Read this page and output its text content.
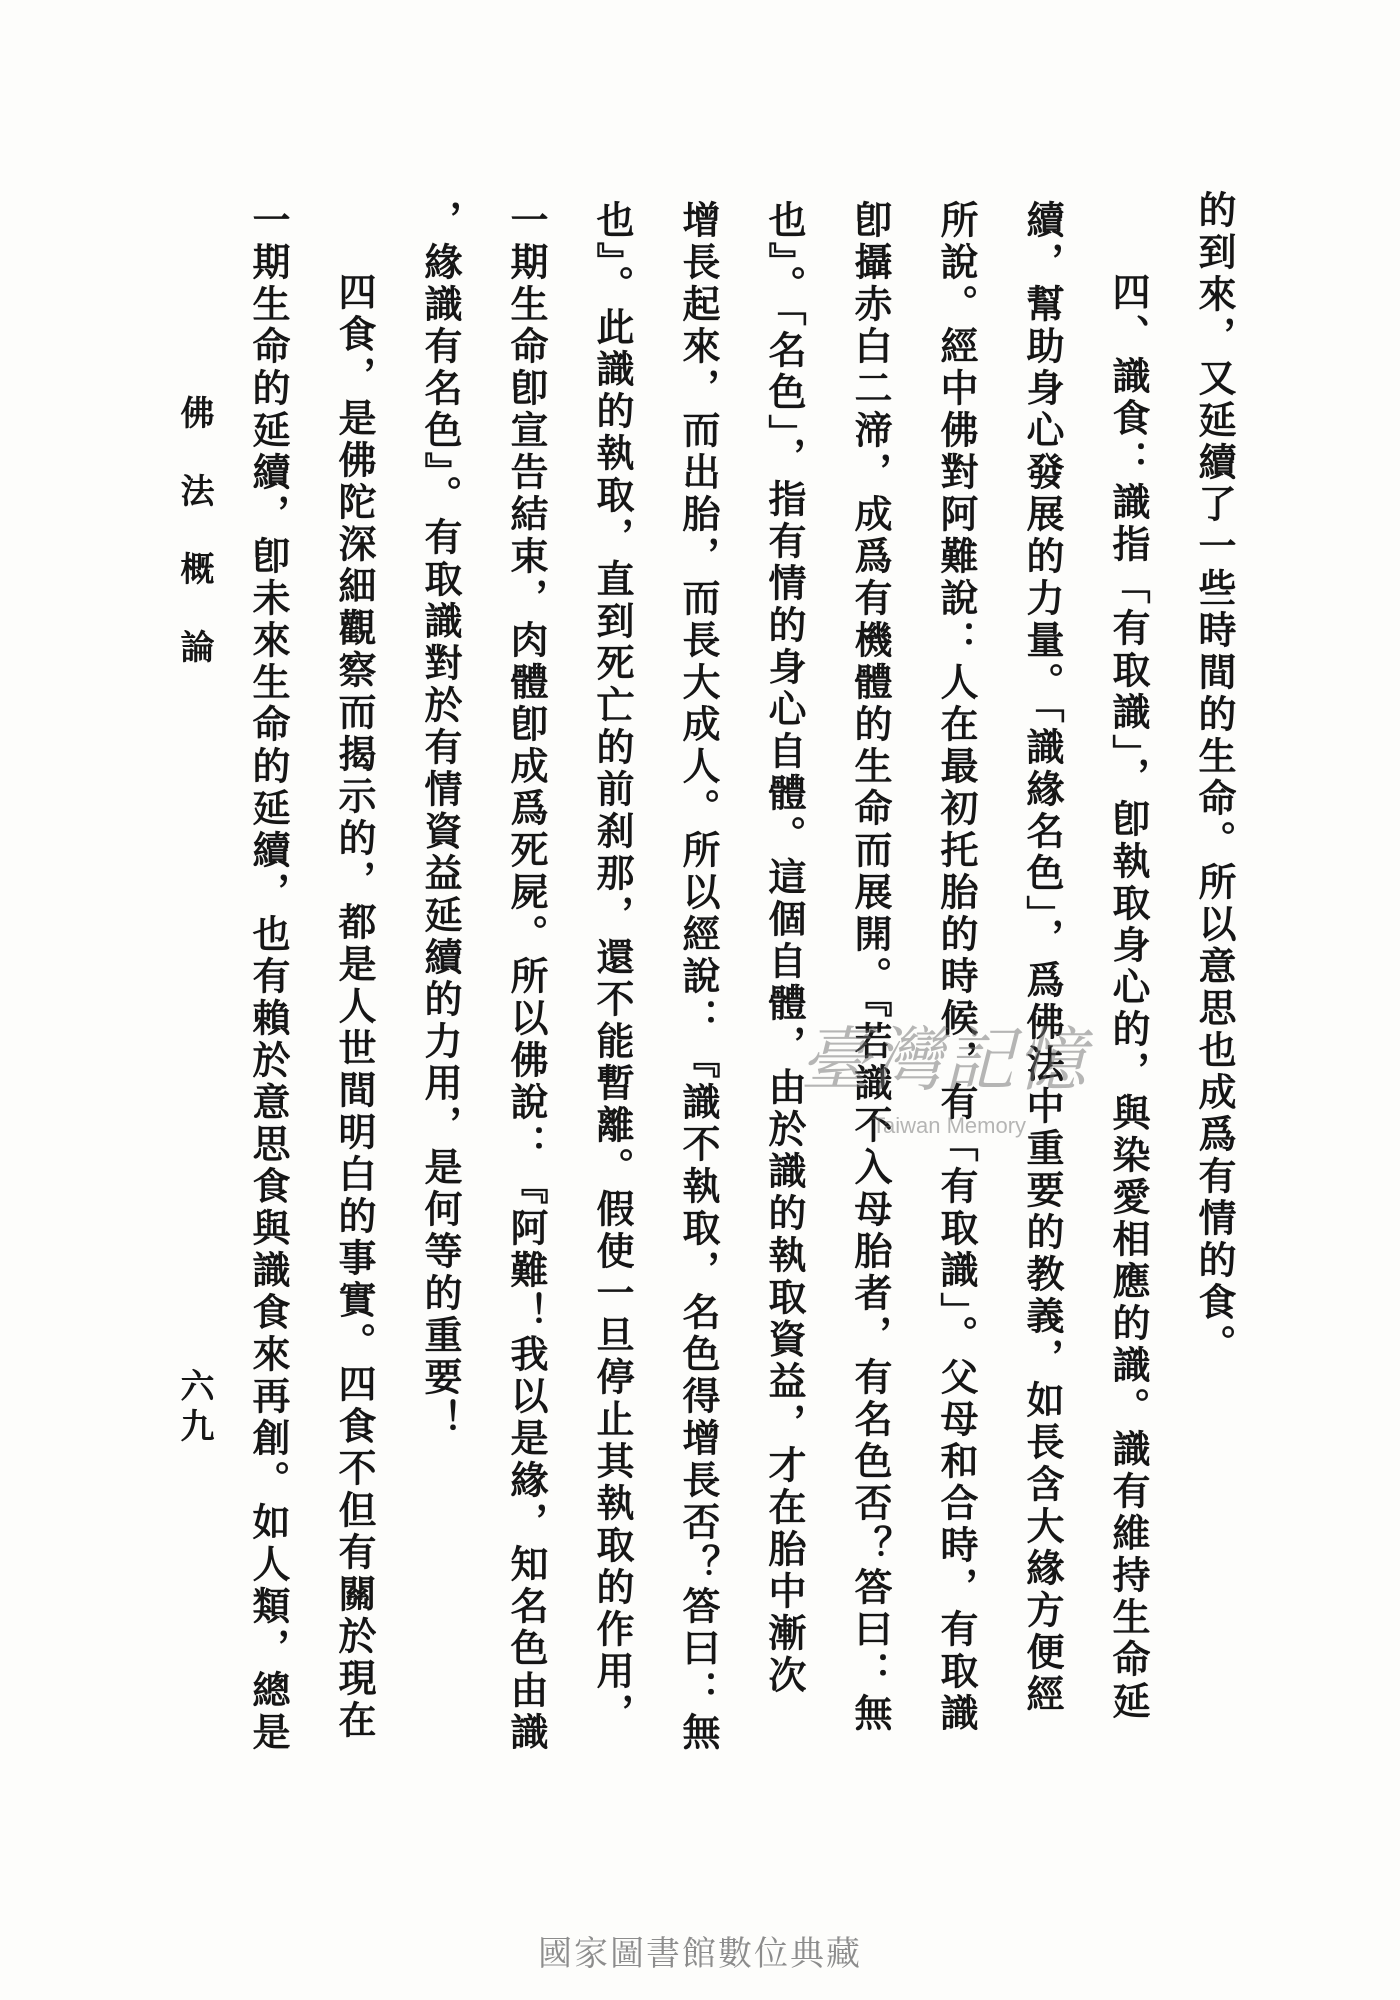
的到來，又延續了一些時間的生命。所以意思也成爲有情的食。
四、識食：識指「有取識」，卽執取身心的，與染愛相應的識。識有維持生命延
續，幫助身心發展的力量。「識緣名色」，爲佛法中重要的教義，如長含大緣方便經
所說。經中佛對阿難說：人在最初托胎的時候，有「有取識」。父母和合時，有取識
卽攝赤白二渧，成爲有機體的生命而展開。『若識不入母胎者，有名色否？答曰：無
也』。「名色」，指有情的身心自體。這個自體，由於識的執取資益，才在胎中漸次
增長起來，而出胎，而長大成人。所以經說：『識不執取，名色得增長否？答曰：無
也』。此識的執取，直到死亡的前刹那，還不能暫離。假使一旦停止其執取的作用，
一期生命卽宣告結束，肉體卽成爲死屍。所以佛說：『阿難！我以是緣，知名色由識
，緣識有名色』。有取識對於有情資益延續的力用，是何等的重要！
四食，是佛陀深細觀察而揭示的，都是人世間明白的事實。四食不但有關於現在
一期生命的延續，卽未來生命的延續，也有賴於意思食與識食來再創。如人類，總是
佛法概論
六九
臺灣記憶
Taiwan Memory
國家圖書館數位典藏
